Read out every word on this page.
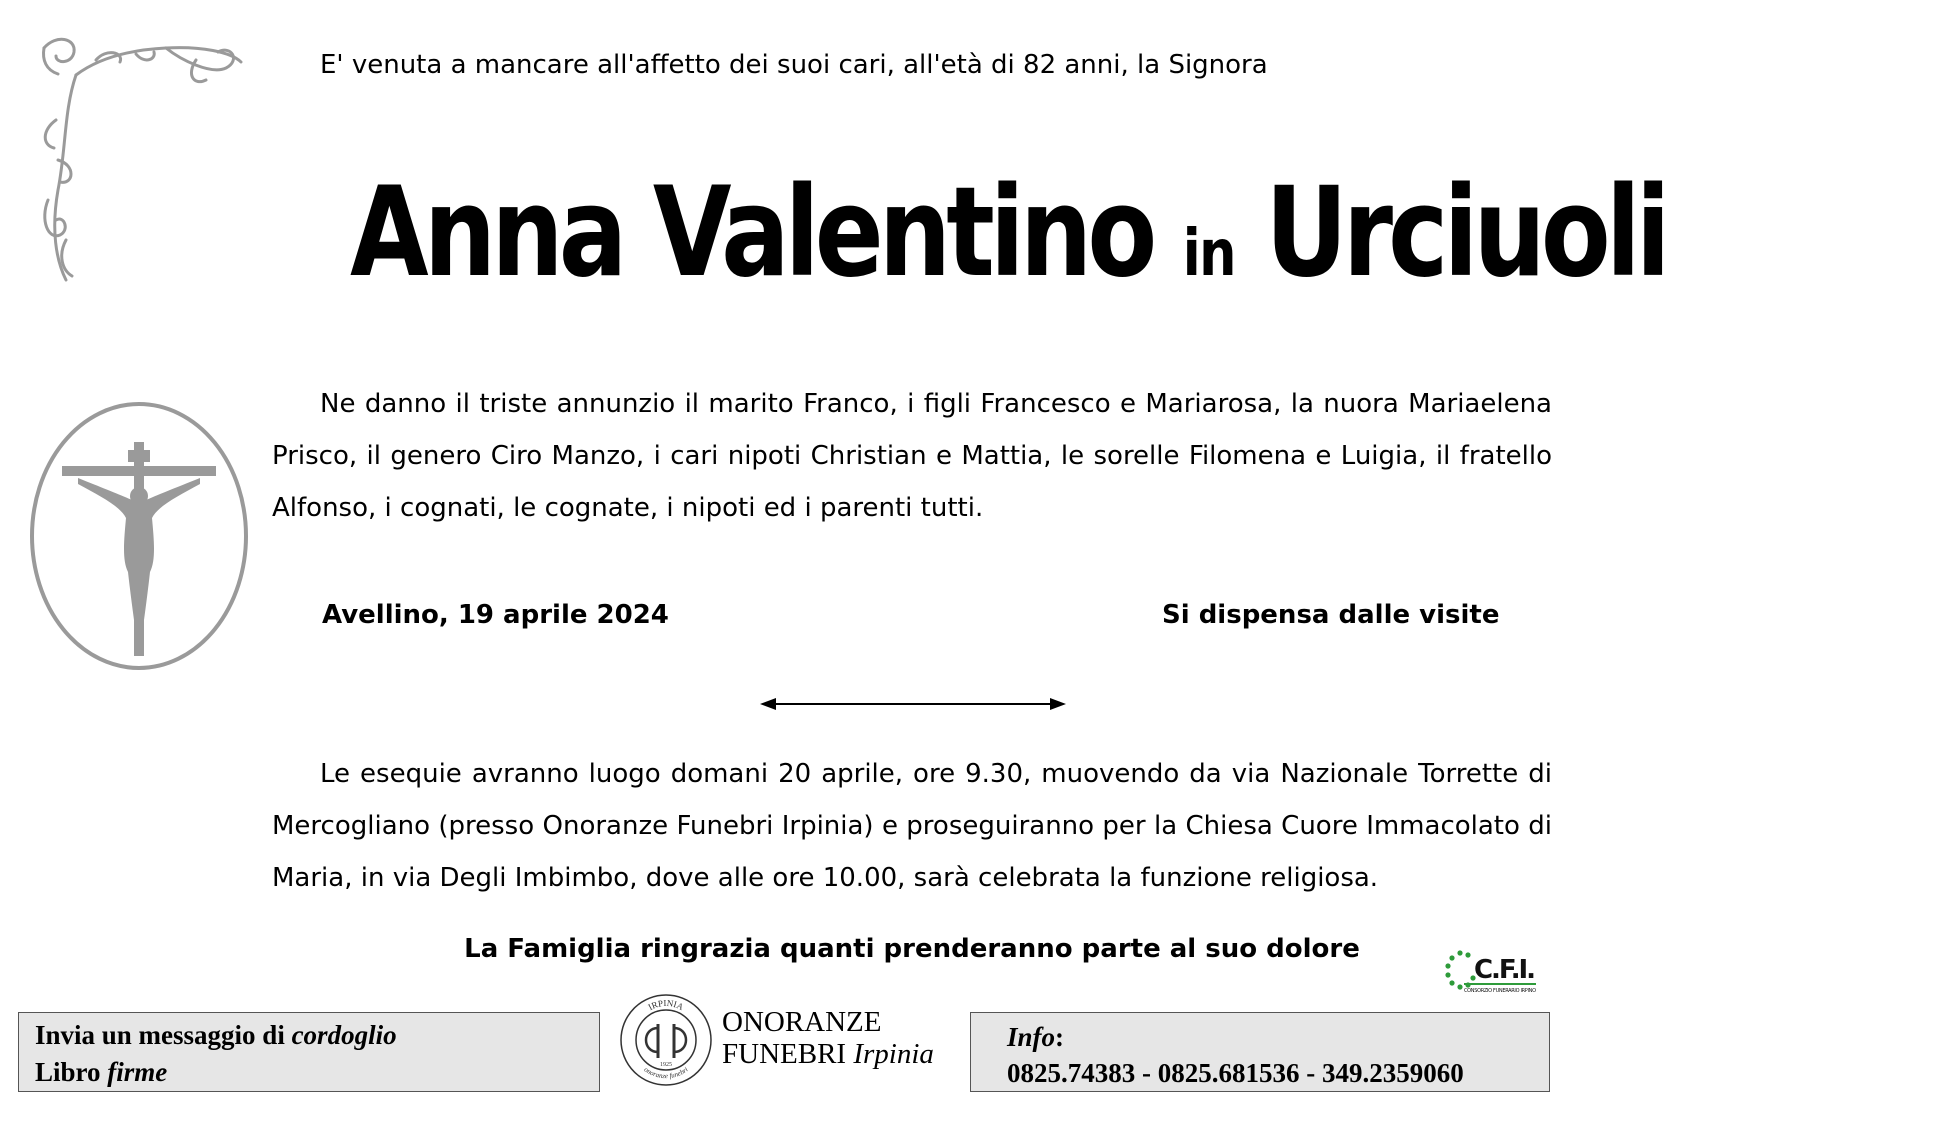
E' venuta a mancare all'affetto dei suoi cari, all'età di 82 anni, la Signora
Anna Valentino in Urciuoli
Ne danno il triste annunzio il marito Franco, i figli Francesco e Mariarosa, la nuora Mariaelena Prisco, il genero Ciro Manzo, i cari nipoti Christian e Mattia, le sorelle Filomena e Luigia, il fratello Alfonso, i cognati, le cognate, i nipoti ed i parenti tutti.
Avellino, 19 aprile 2024	Si dispensa dalle visite
Le esequie avranno luogo domani 20 aprile, ore 9.30, muovendo da via Nazionale Torrette di Mercogliano (presso Onoranze Funebri Irpinia) e proseguiranno per la Chiesa Cuore Immacolato di Maria, in via Degli Imbimbo, dove alle ore 10.00, sarà celebrata la funzione religiosa.
La Famiglia ringrazia quanti prenderanno parte al suo dolore
C.F.I.
CONSORZIO FUNERARIO IRPINO
Invia un messaggio di cordoglio
Libro firme
IRPINIA
onoranze funebri
1925
ONORANZE
FUNEBRI Irpinia
Info:
0825.74383 - 0825.681536 - 349.2359060
